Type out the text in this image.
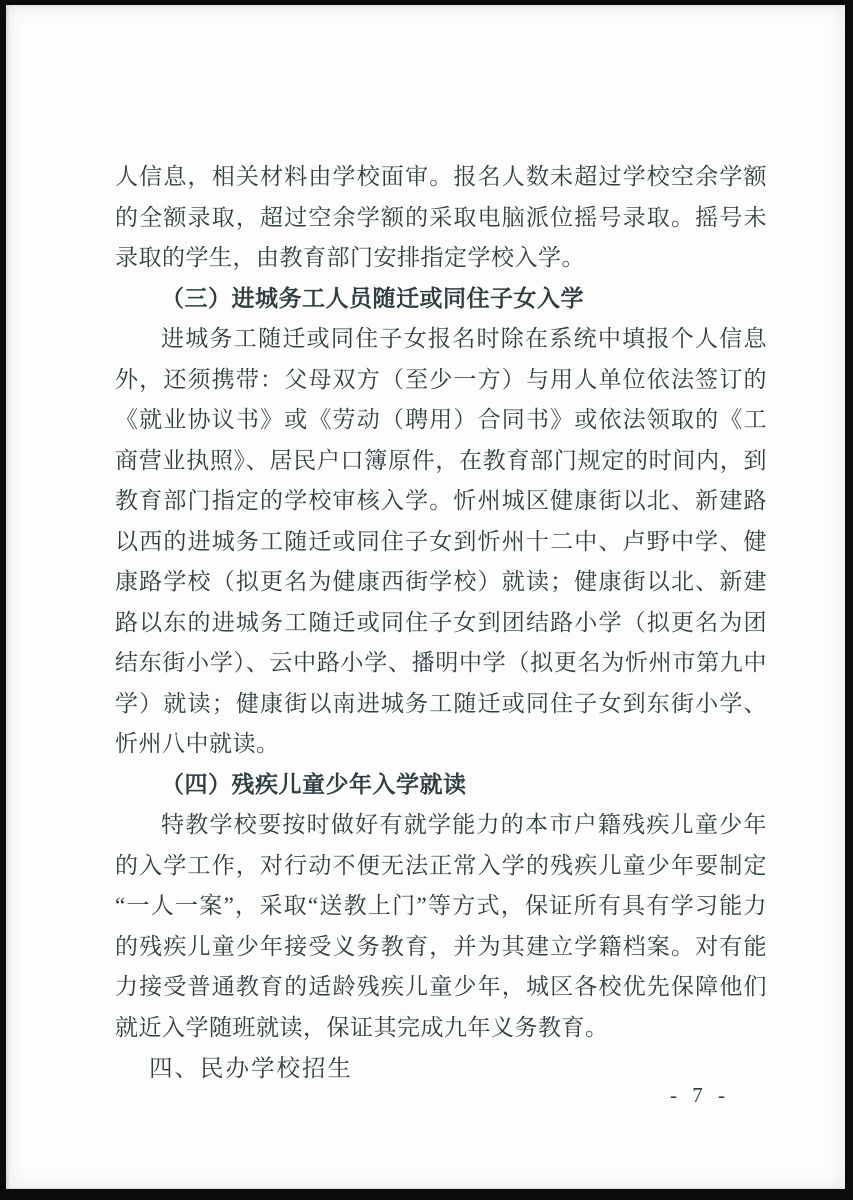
人信息，相关材料由学校面审。报名人数未超过学校空余学额的全额录取，超过空余学额的采取电脑派位摇号录取。摇号未录取的学生，由教育部门安排指定学校入学。

（三）进城务工人员随迁或同住子女入学

进城务工随迁或同住子女报名时除在系统中填报个人信息外，还须携带：父母双方（至少一方）与用人单位依法签订的《就业协议书》或《劳动（聘用）合同书》或依法领取的《工商营业执照》、居民户口簿原件，在教育部门规定的时间内，到教育部门指定的学校审核入学。忻州城区健康街以北、新建路以西的进城务工随迁或同住子女到忻州十二中、卢野中学、健康路学校（拟更名为健康西街学校）就读；健康街以北、新建路以东的进城务工随迁或同住子女到团结路小学（拟更名为团结东街小学）、云中路小学、播明中学（拟更名为忻州市第九中学）就读；健康街以南进城务工随迁或同住子女到东街小学、忻州八中就读。

（四）残疾儿童少年入学就读

特教学校要按时做好有就学能力的本市户籍残疾儿童少年的入学工作，对行动不便无法正常入学的残疾儿童少年要制定“一人一案”，采取“送教上门”等方式，保证所有具有学习能力的残疾儿童少年接受义务教育，并为其建立学籍档案。对有能力接受普通教育的适龄残疾儿童少年，城区各校优先保障他们就近入学随班就读，保证其完成九年义务教育。

四、民办学校招生

- 7 -
